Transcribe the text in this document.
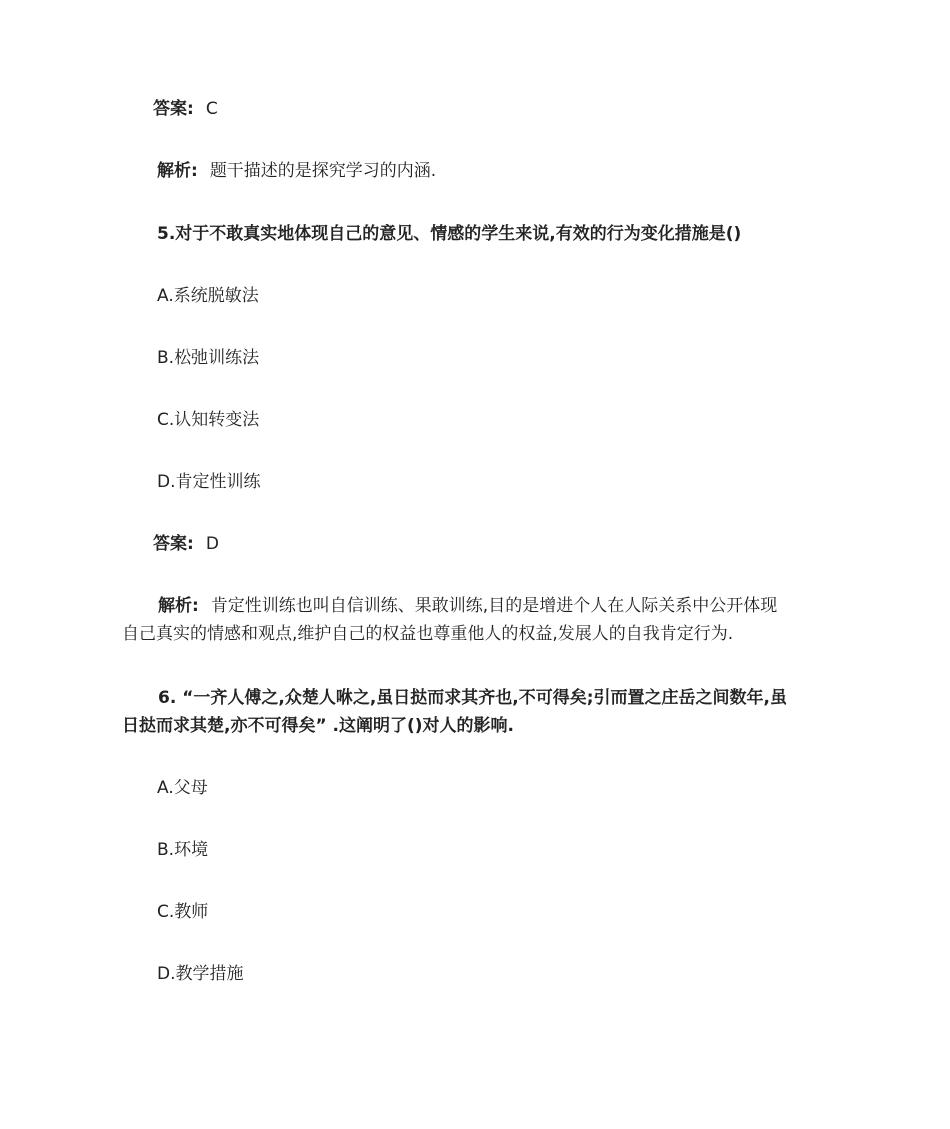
答案: C
解析: 题干描述的是探究学习的内涵.
5.对于不敢真实地体现自己的意见、情感的学生来说,有效的行为变化措施是()
A.系统脱敏法
B.松弛训练法
C.认知转变法
D.肯定性训练
答案: D
解析: 肯定性训练也叫自信训练、果敢训练,目的是增进个人在人际关系中公开体现
自己真实的情感和观点,维护自己的权益也尊重他人的权益,发展人的自我肯定行为.
6. “一齐人傅之,众楚人咻之,虽日挞而求其齐也,不可得矣;引而置之庄岳之间数年,虽
日挞而求其楚,亦不可得矣” .这阐明了()对人的影响.
A.父母
B.环境
C.教师
D.教学措施
